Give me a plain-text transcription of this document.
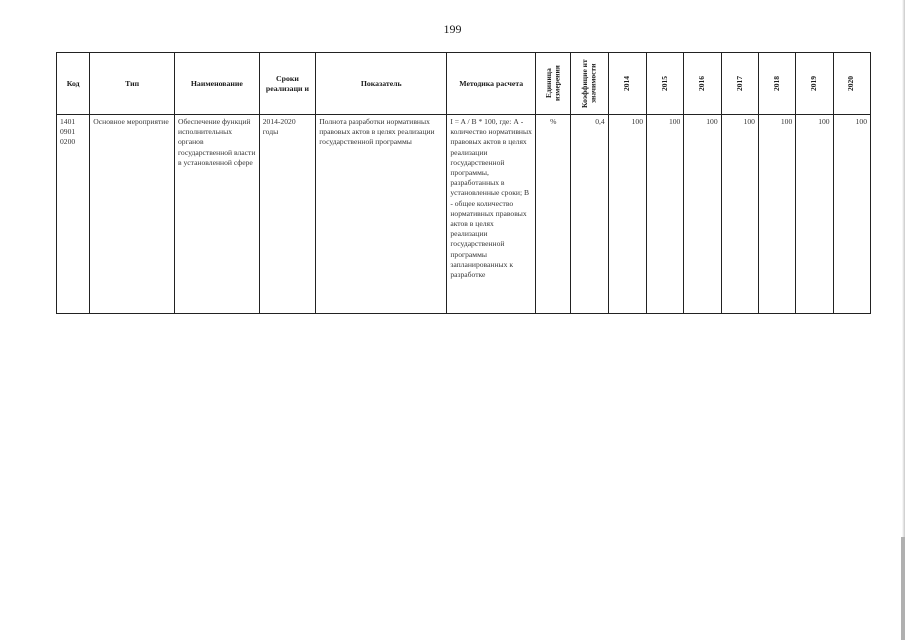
199
Код	Тип	Наименование	Сроки реализаци и	Показатель	Методика расчета	Единица измерения	Коэффицие нт значимости	2014	2015	2016	2017	2018	2019	2020

1401 0901 0200	Основное мероприятие	Обеспечение функций исполнительных органов государственной власти в установленной сфере	2014-2020 годы	Полнота разработки нормативных правовых актов в целях реализации государственной программы	I = A / B * 100, где: А - количество нормативных правовых актов в целях реализации государственной программы, разработанных в установленные сроки; В - общее количество нормативных правовых актов в целях реализации государственной программы запланированных к разработке	%	0,4	100	100	100	100	100	100	100
